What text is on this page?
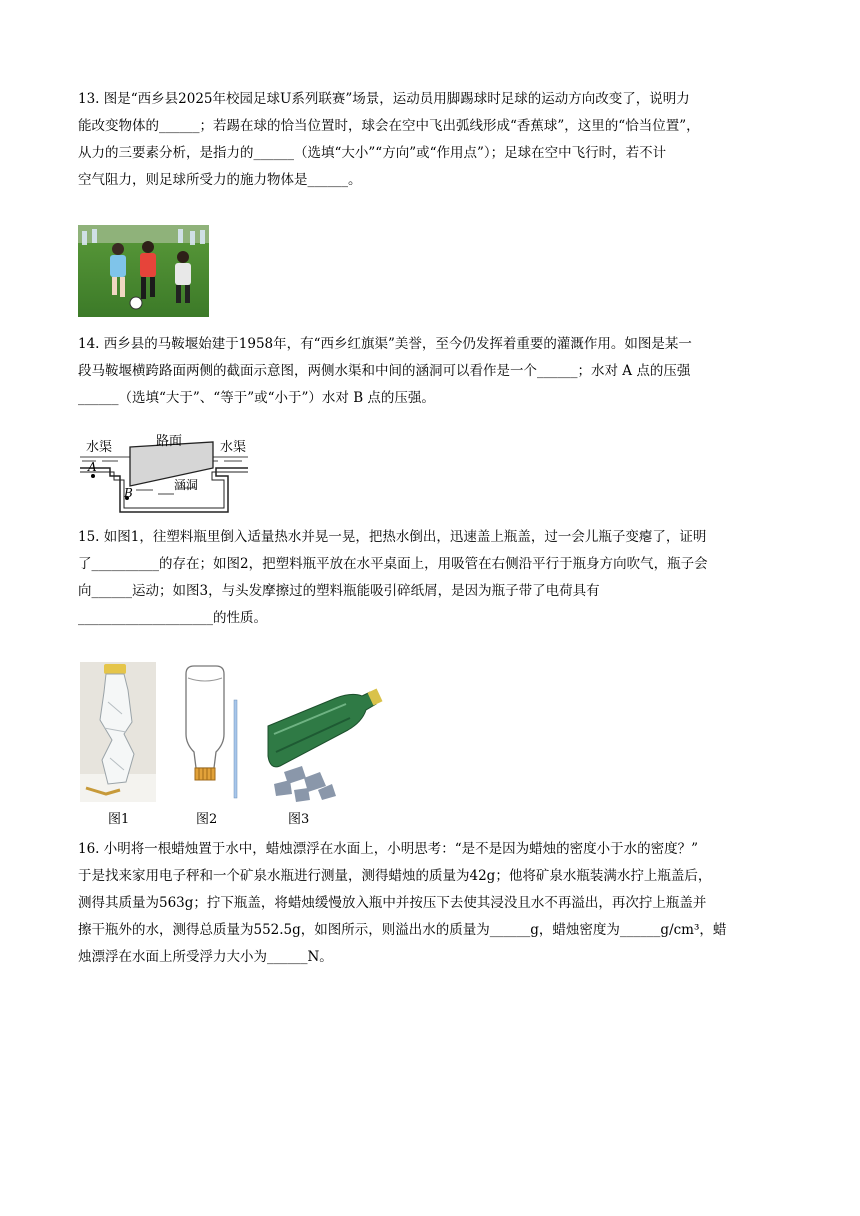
13. 图是“西乡县2025年校园足球U系列联赛”场景，运动员用脚踢球时足球的运动方向改变了，说明力
能改变物体的______；若踢在球的恰当位置时，球会在空中飞出弧线形成“香蕉球”，这里的“恰当位置”，
从力的三要素分析，是指力的______（选填“大小”“方向”或“作用点”）；足球在空中飞行时，若不计
空气阻力，则足球所受力的施力物体是______。
14. 西乡县的马鞍堰始建于1958年，有“西乡红旗渠”美誉，至今仍发挥着重要的灌溉作用。如图是某一
段马鞍堰横跨路面两侧的截面示意图，两侧水渠和中间的涵洞可以看作是一个______；水对 A 点的压强
______（选填“大于”、“等于”或“小于”）水对 B 点的压强。
水渠	路面	水渠
涵洞
A
B
15. 如图1，往塑料瓶里倒入适量热水并晃一晃，把热水倒出，迅速盖上瓶盖，过一会儿瓶子变瘪了，证明
了__________的存在；如图2，把塑料瓶平放在水平桌面上，用吸管在右侧沿平行于瓶身方向吹气，瓶子会
向______运动；如图3，与头发摩擦过的塑料瓶能吸引碎纸屑，是因为瓶子带了电荷具有
____________________的性质。
图1	图2	图3
16. 小明将一根蜡烛置于水中，蜡烛漂浮在水面上，小明思考：“是不是因为蜡烛的密度小于水的密度？”
于是找来家用电子秤和一个矿泉水瓶进行测量，测得蜡烛的质量为42g；他将矿泉水瓶装满水拧上瓶盖后，
测得其质量为563g；拧下瓶盖，将蜡烛缓慢放入瓶中并按压下去使其浸没且水不再溢出，再次拧上瓶盖并
擦干瓶外的水，测得总质量为552.5g，如图所示，则溢出水的质量为______g，蜡烛密度为______g/cm³，蜡
烛漂浮在水面上所受浮力大小为______N。
